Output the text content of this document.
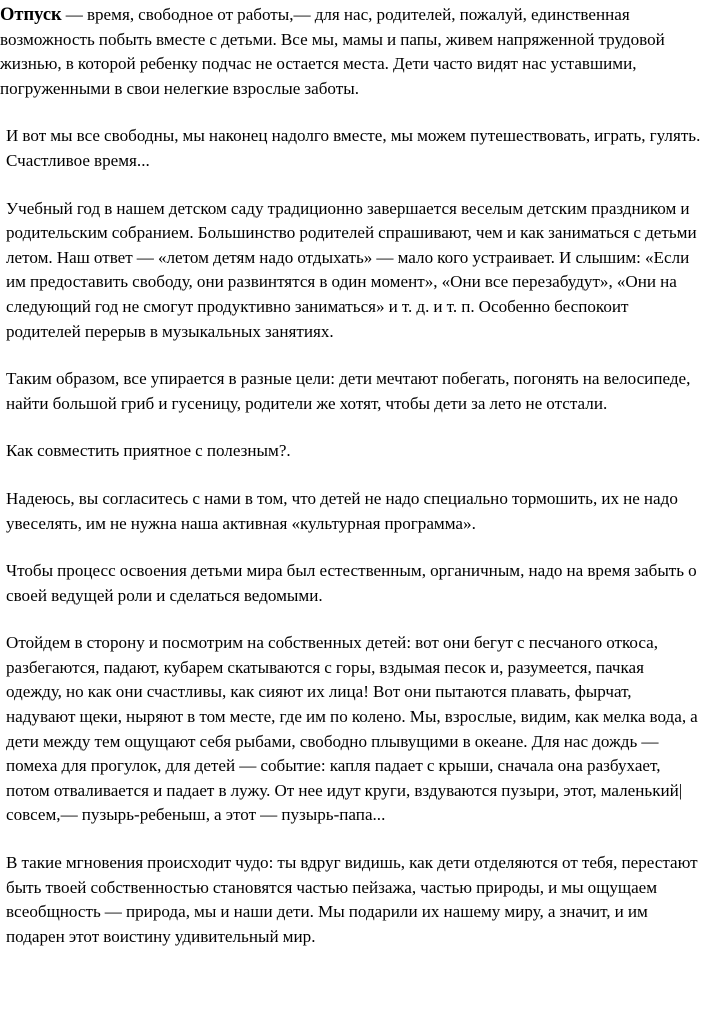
Отпуск — время, свободное от работы,— для нас, родителей, пожалуй, единственная возможность побыть вместе с детьми. Все мы, мамы и папы, живем напряженной трудовой жизнью, в которой ребенку подчас не остается места. Дети часто видят нас уставшими, погруженными в свои нелегкие взрослые заботы.

И вот мы все свободны, мы наконец надолго вместе, мы можем путешествовать, играть, гулять. Счастливое время...

Учебный год в нашем детском саду традиционно завершается веселым детским праздником и родительским собранием. Большинство родителей спрашивают, чем и как заниматься с детьми летом. Наш ответ — «летом детям надо отдыхать» — мало кого устраивает. И слышим: «Если им предоставить свободу, они развинтятся в один момент», «Они все перезабудут», «Они на следующий год не смогут продуктивно заниматься» и т. д. и т. п. Особенно беспокоит родителей перерыв в музыкальных занятиях.

Таким образом, все упирается в разные цели: дети мечтают побегать, погонять на велосипеде, найти большой гриб и гусеницу, родители же хотят, чтобы дети за лето не отстали.

Как совместить приятное с полезным?.

Надеюсь, вы согласитесь с нами в том, что детей не надо специально тормошить, их не надо увеселять, им не нужна наша активная «культурная программа».

Чтобы процесс освоения детьми мира был естественным, органичным, надо на время забыть о своей ведущей роли и сделаться ведомыми.

Отойдем в сторону и посмотрим на собственных детей: вот они бегут с песчаного откоса, разбегаются, падают, кубарем скатываются с горы, вздымая песок и, разумеется, пачкая одежду, но как они счастливы, как сияют их лица! Вот они пытаются плавать, фырчат, надувают щеки, ныряют в том месте, где им по колено. Мы, взрослые, видим, как мелка вода, а дети между тем ощущают себя рыбами, свободно плывущими в океане. Для нас дождь — помеха для прогулок, для детей — событие: капля падает с крыши, сначала она разбухает, потом отваливается и падает в лужу. От нее идут круги, вздуваются пузыри, этот, маленький| совсем,— пузырь-ребеныш, а этот — пузырь-папа...

В такие мгновения происходит чудо: ты вдруг видишь, как дети отделяются от тебя, перестают быть твоей собственностью становятся частью пейзажа, частью природы, и мы ощущаем всеобщность — природа, мы и наши дети. Мы подарили их нашему миру, а значит, и им подарен этот воистину удивительный мир.
